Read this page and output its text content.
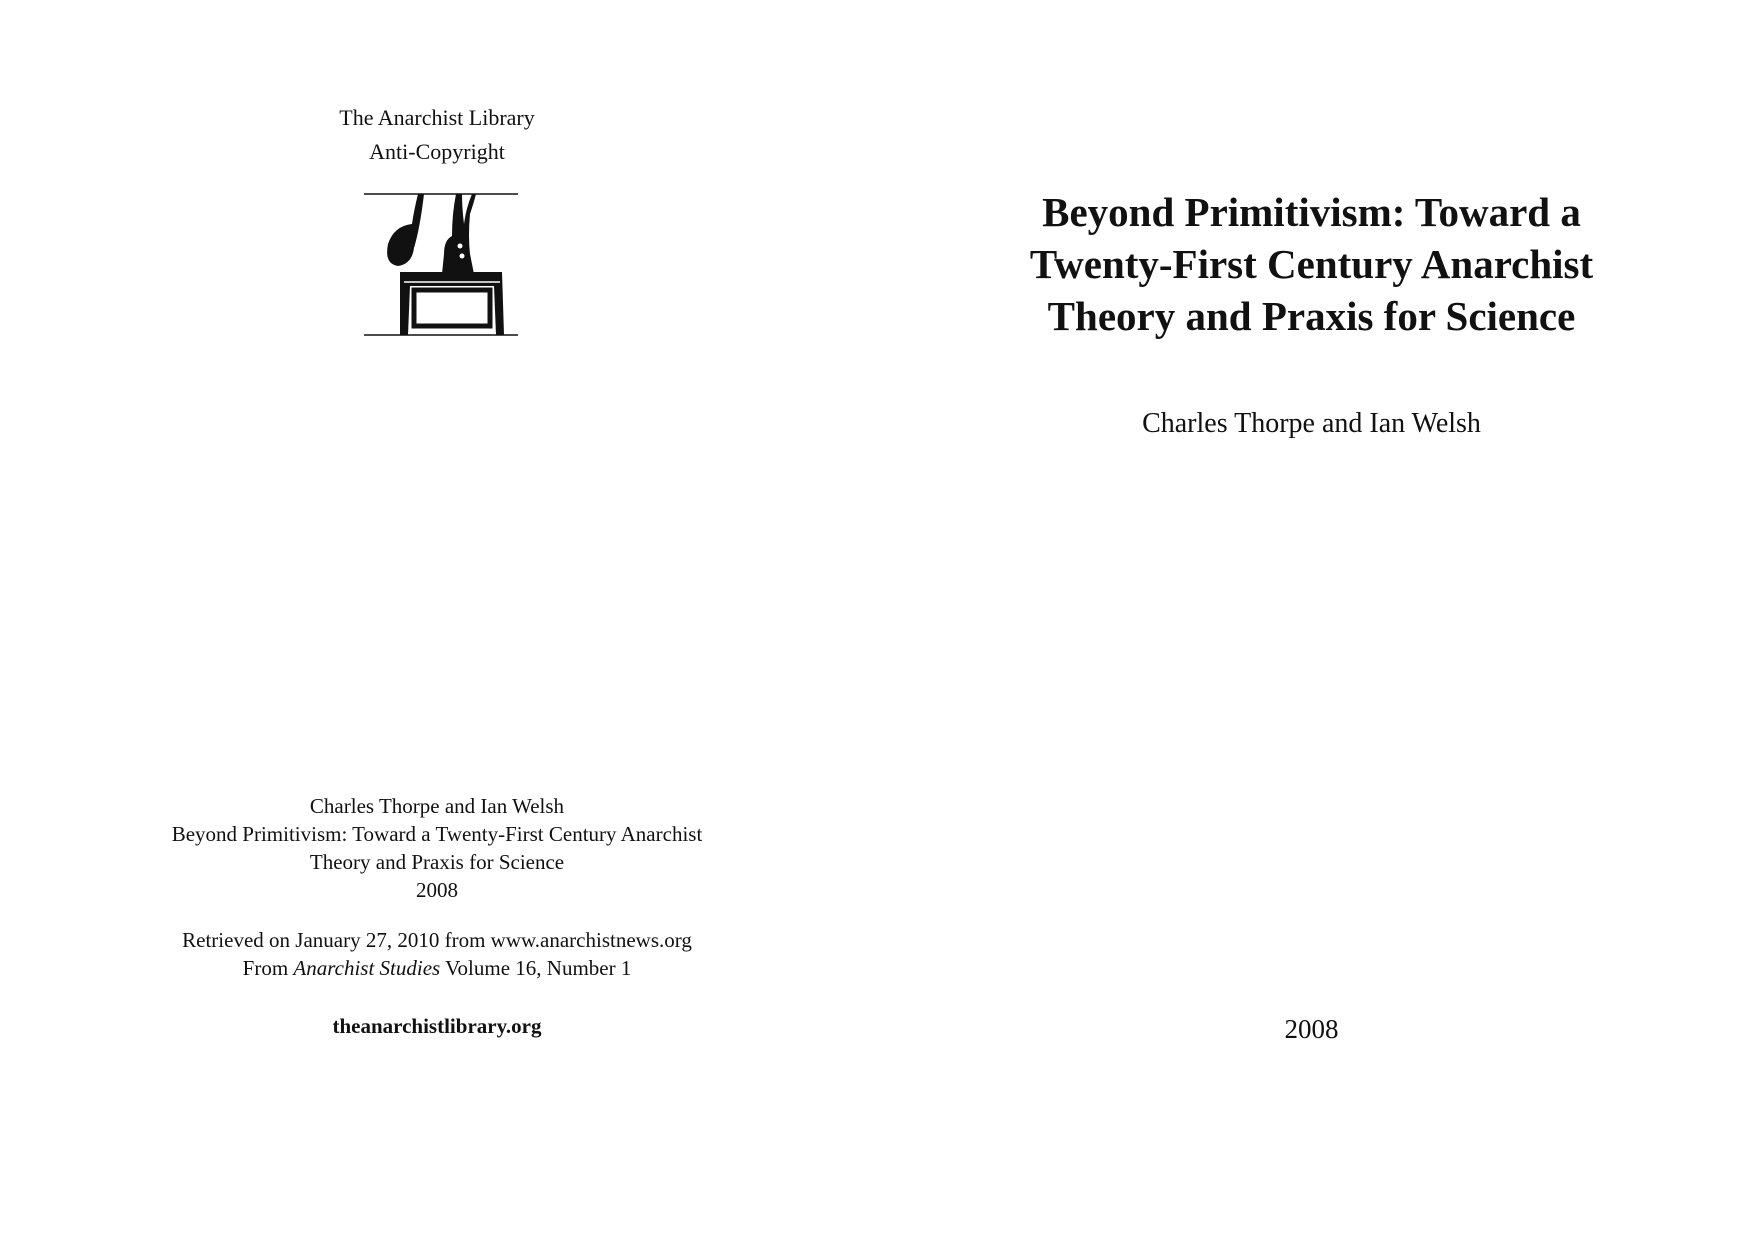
The Anarchist Library
Anti-Copyright
Charles Thorpe and Ian Welsh
Beyond Primitivism: Toward a Twenty-First Century Anarchist
Theory and Praxis for Science
2008
Retrieved on January 27, 2010 from www.anarchistnews.org
From Anarchist Studies Volume 16, Number 1
theanarchistlibrary.org
Beyond Primitivism: Toward a
Twenty-First Century Anarchist
Theory and Praxis for Science
Charles Thorpe and Ian Welsh
2008
